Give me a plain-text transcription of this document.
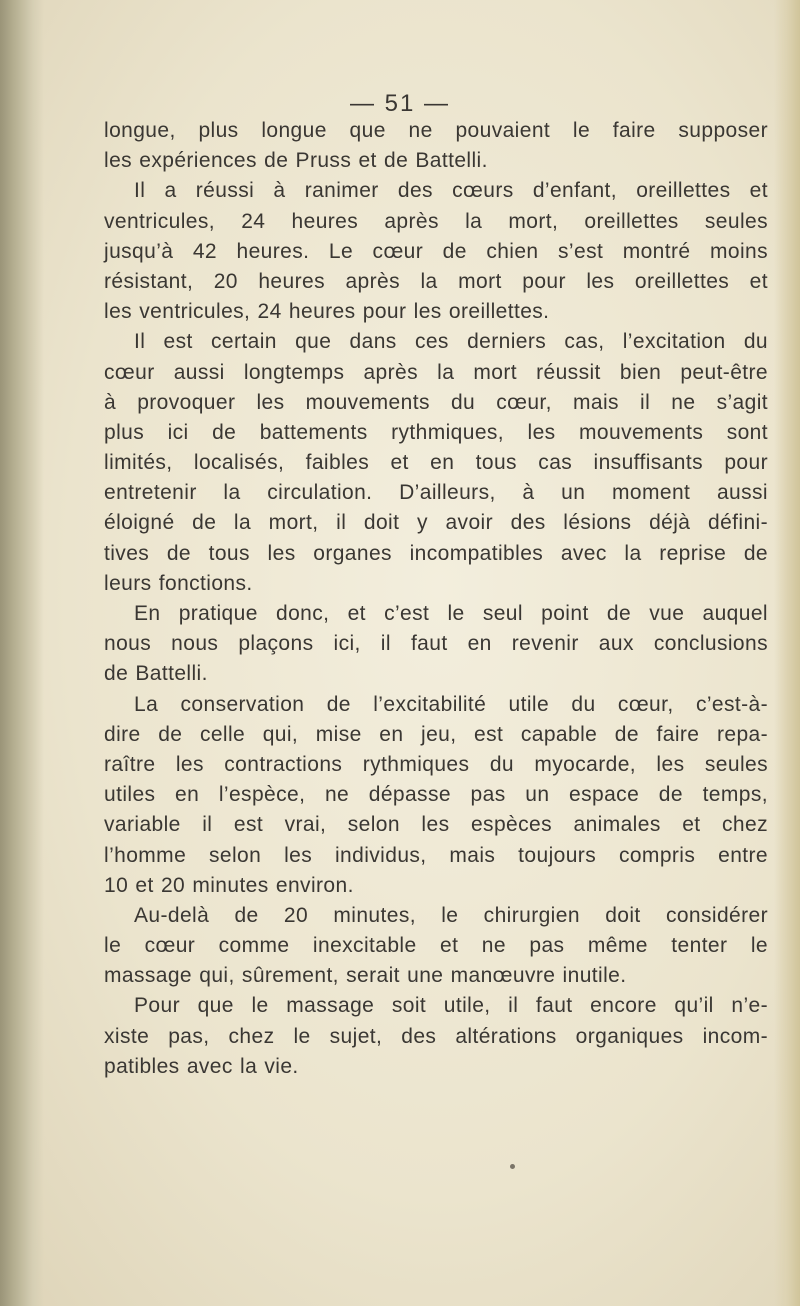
— 51 —
longue, plus longue que ne pouvaient le faire supposer
les expériences de Pruss et de Battelli.
Il a réussi à ranimer des cœurs d’enfant, oreillettes et
ventricules, 24 heures après la mort, oreillettes seules
jusqu’à 42 heures. Le cœur de chien s’est montré moins
résistant, 20 heures après la mort pour les oreillettes et
les ventricules, 24 heures pour les oreillettes.
Il est certain que dans ces derniers cas, l’excitation du
cœur aussi longtemps après la mort réussit bien peut-être
à provoquer les mouvements du cœur, mais il ne s’agit
plus ici de battements rythmiques, les mouvements sont
limités, localisés, faibles et en tous cas insuffisants pour
entretenir la circulation. D’ailleurs, à un moment aussi
éloigné de la mort, il doit y avoir des lésions déjà défini-
tives de tous les organes incompatibles avec la reprise de
leurs fonctions.
En pratique donc, et c’est le seul point de vue auquel
nous nous plaçons ici, il faut en revenir aux conclusions
de Battelli.
La conservation de l’excitabilité utile du cœur, c’est-à-
dire de celle qui, mise en jeu, est capable de faire repa-
raître les contractions rythmiques du myocarde, les seules
utiles en l’espèce, ne dépasse pas un espace de temps,
variable il est vrai, selon les espèces animales et chez
l’homme selon les individus, mais toujours compris entre
10 et 20 minutes environ.
Au-delà de 20 minutes, le chirurgien doit considérer
le cœur comme inexcitable et ne pas même tenter le
massage qui, sûrement, serait une manœuvre inutile.
Pour que le massage soit utile, il faut encore qu’il n’e-
xiste pas, chez le sujet, des altérations organiques incom-
patibles avec la vie.
